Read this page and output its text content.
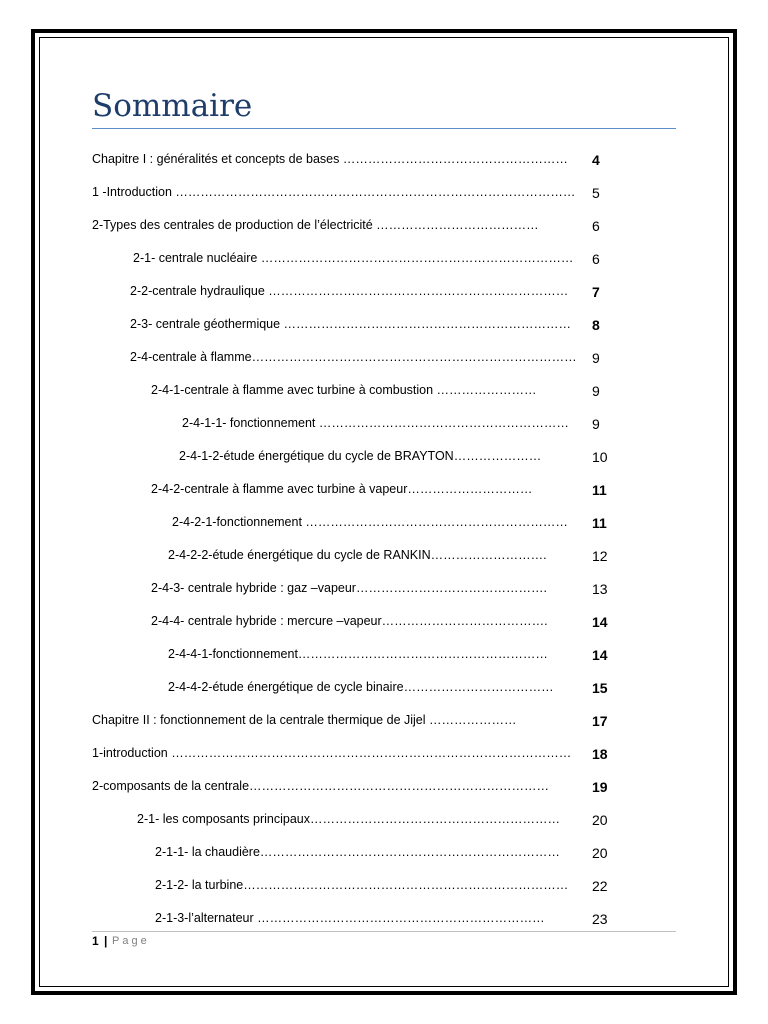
Sommaire
Chapitre I : généralités et concepts de bases ……………………………………………… 4
1 -Introduction …………………………………………………………………………………… 5
2-Types des centrales de production de l’électricité …………………………………	6
2-1- centrale nucléaire ………………………………………………………………… 6
2-2-centrale hydraulique ……………………………………………………………… 7
2-3- centrale géothermique …………………………………………………………… 8
2-4-centrale à flamme…………………………………………………………………… 9
2-4-1-centrale à flamme avec turbine à combustion ……………………	9
2-4-1-1- fonctionnement …………………………………………………… 9
2-4-1-2-étude énergétique du cycle de BRAYTON…………………	10
2-4-2-centrale à flamme avec turbine à vapeur…………………………	11
2-4-2-1-fonctionnement ……………………………………………………… 11
2-4-2-2-étude énergétique du cycle de RANKIN……………………….	12
2-4-3- centrale hybride : gaz –vapeur……………………………………….	13
2-4-4- centrale hybride : mercure –vapeur………………………………….	14
2-4-4-1-fonctionnement……………………………………………………	14
2-4-4-2-étude énergétique de cycle binaire………………………………	15
Chapitre II : fonctionnement de la centrale thermique de Jijel …………………	17
1-introduction …………………………………………………………………………………… 18
2-composants de la centrale………………………………………………………………	19
2-1- les composants principaux…………………………………………………… 20
2-1-1- la chaudière……………………………………………………………… 20
2-1-2- la turbine…………………………………………………………………… 22
2-1-3-l’alternateur ……………………………………………………………	23
1 | Page
